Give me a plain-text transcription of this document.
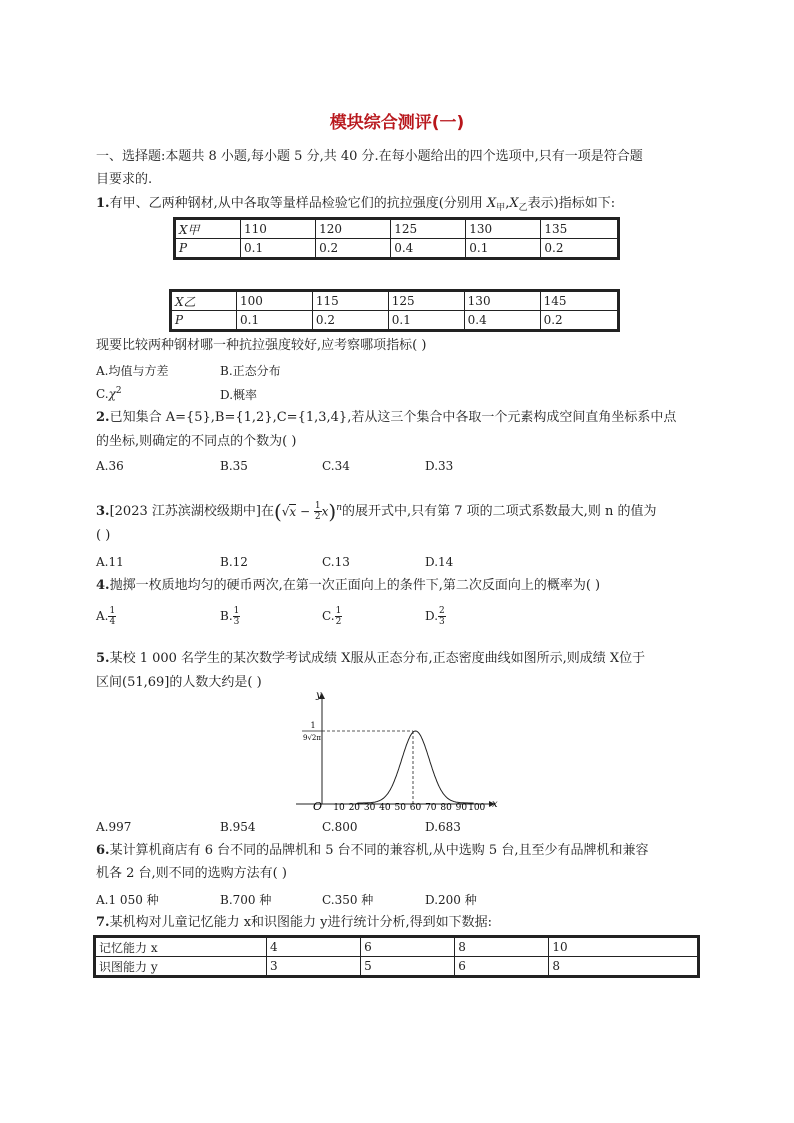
模块综合测评(一)
一、选择题:本题共 8 小题,每小题 5 分,共 40 分.在每小题给出的四个选项中,只有一项是符合题
目要求的.
1.有甲、乙两种钢材,从中各取等量样品检验它们的抗拉强度(分别用 $X_甲,X_乙$表示)指标如下:
X甲	110	120	125	130	135
P	0.1	0.2	0.4	0.1	0.2
X乙	100	115	125	130	145
P	0.1	0.2	0.1	0.4	0.2
现要比较两种钢材哪一种抗拉强度较好,应考察哪项指标( )
A.均值与方差	B.正态分布
$C.\chi^2$	D.概率
2.已知集合 A={5},B={1,2},C={1,3,4},若从这三个集合中各取一个元素构成空间直角坐标系中点
的坐标,则确定的不同点的个数为( )
A.36	B.35	C.34	D.33
3.[2023 江苏滨湖校级期中]在$(√x - \frac{1}{2} x)^n$的展开式中,只有第 7 项的二项式系数最大,则 n 的值为
( )
A.11	B.12	C.13	D.14
4.抛掷一枚质地均匀的硬币两次,在第一次正面向上的条件下,第二次反面向上的概率为( )
A. $\frac{1}{4}$	B. $\frac{1}{3}$	C. $\frac{1}{2}$	D. $\frac{2}{3}$
5.某校 1 000 名学生的某次数学考试成绩 X服从正态分布,正态密度曲线如图所示,则成绩 X位于
区间(51,69]的人数大约是( )
y
x
O
1
9√2π
10 20 30 40 50 60 70 80 90 100
A.997	B.954	C.800	D.683
6.某计算机商店有 6 台不同的品牌机和 5 台不同的兼容机,从中选购 5 台,且至少有品牌机和兼容
机各 2 台,则不同的选购方法有( )
A.1 050 种	B.700 种	C.350 种	D.200 种
7.某机构对儿童记忆能力 x和识图能力 y进行统计分析,得到如下数据:
记忆能力 x	4	6	8	10
识图能力 y	3	5	6	8
